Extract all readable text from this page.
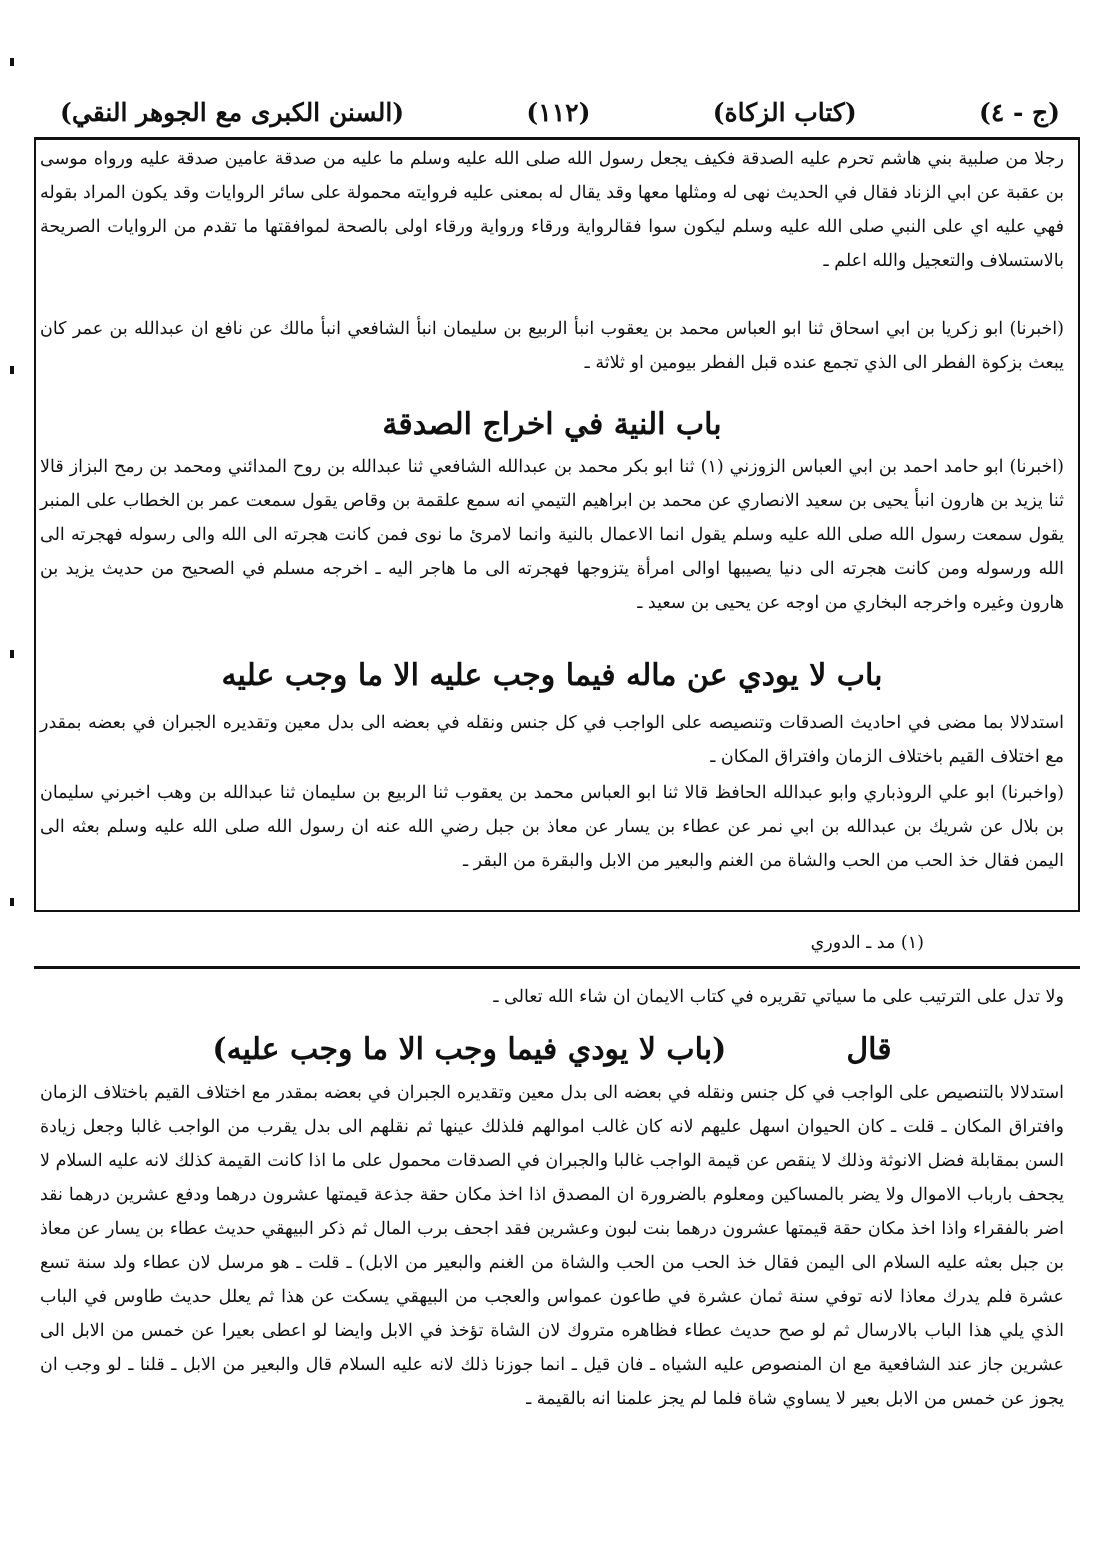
(السنن الكبرى مع الجوهر النقي)	(١١٢)	(كتاب الزكاة)	(ج - ٤)

رجلا من صلبية بني هاشم تحرم عليه الصدقة فكيف يجعل رسول الله صلى الله عليه وسلم ما عليه من صدقة عامين صدقة عليه ورواه موسى بن عقبة عن ابي الزناد فقال في الحديث نهى له ومثلها معها وقد يقال له بمعنى عليه فروايته محمولة على سائر الروايات وقد يكون المراد بقوله فهي عليه اي على النبي صلى الله عليه وسلم ليكون سوا فقالرواية ورقاء ورواية ورقاء اولى بالصحة لموافقتها ما تقدم من الروايات الصريحة بالاستسلاف والتعجيل والله اعلم ـ

(اخبرنا) ابو زكريا بن ابي اسحاق ثنا ابو العباس محمد بن يعقوب انبأ الربيع بن سليمان انبأ الشافعي انبأ مالك عن نافع ان عبدالله بن عمر كان يبعث بزكوة الفطر الى الذي تجمع عنده قبل الفطر بيومين او ثلاثة ـ

باب النية في اخراج الصدقة

(اخبرنا) ابو حامد احمد بن ابي العباس الزوزني (١) ثنا ابو بكر محمد بن عبدالله الشافعي ثنا عبدالله بن روح المدائني ومحمد بن رمح البزاز قالا ثنا يزيد بن هارون انبأ يحيى بن سعيد الانصاري عن محمد بن ابراهيم التيمي انه سمع علقمة بن وقاص يقول سمعت عمر بن الخطاب على المنبر يقول سمعت رسول الله صلى الله عليه وسلم يقول انما الاعمال بالنية وانما لامرئ ما نوى فمن كانت هجرته الى الله والى رسوله فهجرته الى الله ورسوله ومن كانت هجرته الى دنيا يصيبها اوالى امرأة يتزوجها فهجرته الى ما هاجر اليه ـ اخرجه مسلم في الصحيح من حديث يزيد بن هارون وغيره واخرجه البخاري من اوجه عن يحيى بن سعيد ـ

باب لا يودي عن ماله فيما وجب عليه الا ما وجب عليه

استدلالا بما مضى في احاديث الصدقات وتنصيصه على الواجب في كل جنس ونقله في بعضه الى بدل معين وتقديره الجبران في بعضه بمقدر مع اختلاف القيم باختلاف الزمان وافتراق المكان ـ

(واخبرنا) ابو علي الروذباري وابو عبدالله الحافظ قالا ثنا ابو العباس محمد بن يعقوب ثنا الربيع بن سليمان ثنا عبدالله بن وهب اخبرني سليمان بن بلال عن شريك بن عبدالله بن ابي نمر عن عطاء بن يسار عن معاذ بن جبل رضي الله عنه ان رسول الله صلى الله عليه وسلم بعثه الى اليمن فقال خذ الحب من الحب والشاة من الغنم والبعير من الابل والبقرة من البقر ـ

(١) مد ـ الدوري

ولا تدل على الترتيب على ما سياتي تقريره في كتاب الايمان ان شاء الله تعالى ـ

قال
(باب لا يودي فيما وجب الا ما وجب عليه)

استدلالا بالتنصيص على الواجب في كل جنس ونقله في بعضه الى بدل معين وتقديره الجبران في بعضه بمقدر مع اختلاف القيم باختلاف الزمان وافتراق المكان ـ قلت ـ كان الحيوان اسهل عليهم لانه كان غالب اموالهم فلذلك عينها ثم نقلهم الى بدل يقرب من الواجب غالبا وجعل زيادة السن بمقابلة فضل الانوثة وذلك لا ينقص عن قيمة الواجب غالبا والجبران في الصدقات محمول على ما اذا كانت القيمة كذلك لانه عليه السلام لا يجحف بارباب الاموال ولا يضر بالمساكين ومعلوم بالضرورة ان المصدق اذا اخذ مكان حقة جذعة قيمتها عشرون درهما ودفع عشرين درهما نقد اضر بالفقراء واذا اخذ مكان حقة قيمتها عشرون درهما بنت لبون وعشرين فقد اجحف برب المال ثم ذكر البيهقي حديث عطاء بن يسار عن معاذ بن جبل بعثه عليه السلام الى اليمن فقال خذ الحب من الحب والشاة من الغنم والبعير من الابل) ـ قلت ـ هو مرسل لان عطاء ولد سنة تسع عشرة فلم يدرك معاذا لانه توفي سنة ثمان عشرة في طاعون عمواس والعجب من البيهقي يسكت عن هذا ثم يعلل حديث طاوس في الباب الذي يلي هذا الباب بالارسال ثم لو صح حديث عطاء فظاهره متروك لان الشاة تؤخذ في الابل وايضا لو اعطى بعيرا عن خمس من الابل الى عشرين جاز عند الشافعية مع ان المنصوص عليه الشياه ـ فان قيل ـ انما جوزنا ذلك لانه عليه السلام قال والبعير من الابل ـ قلنا ـ لو وجب ان يجوز عن خمس من الابل بعير لا يساوي شاة فلما لم يجز علمنا انه بالقيمة ـ
